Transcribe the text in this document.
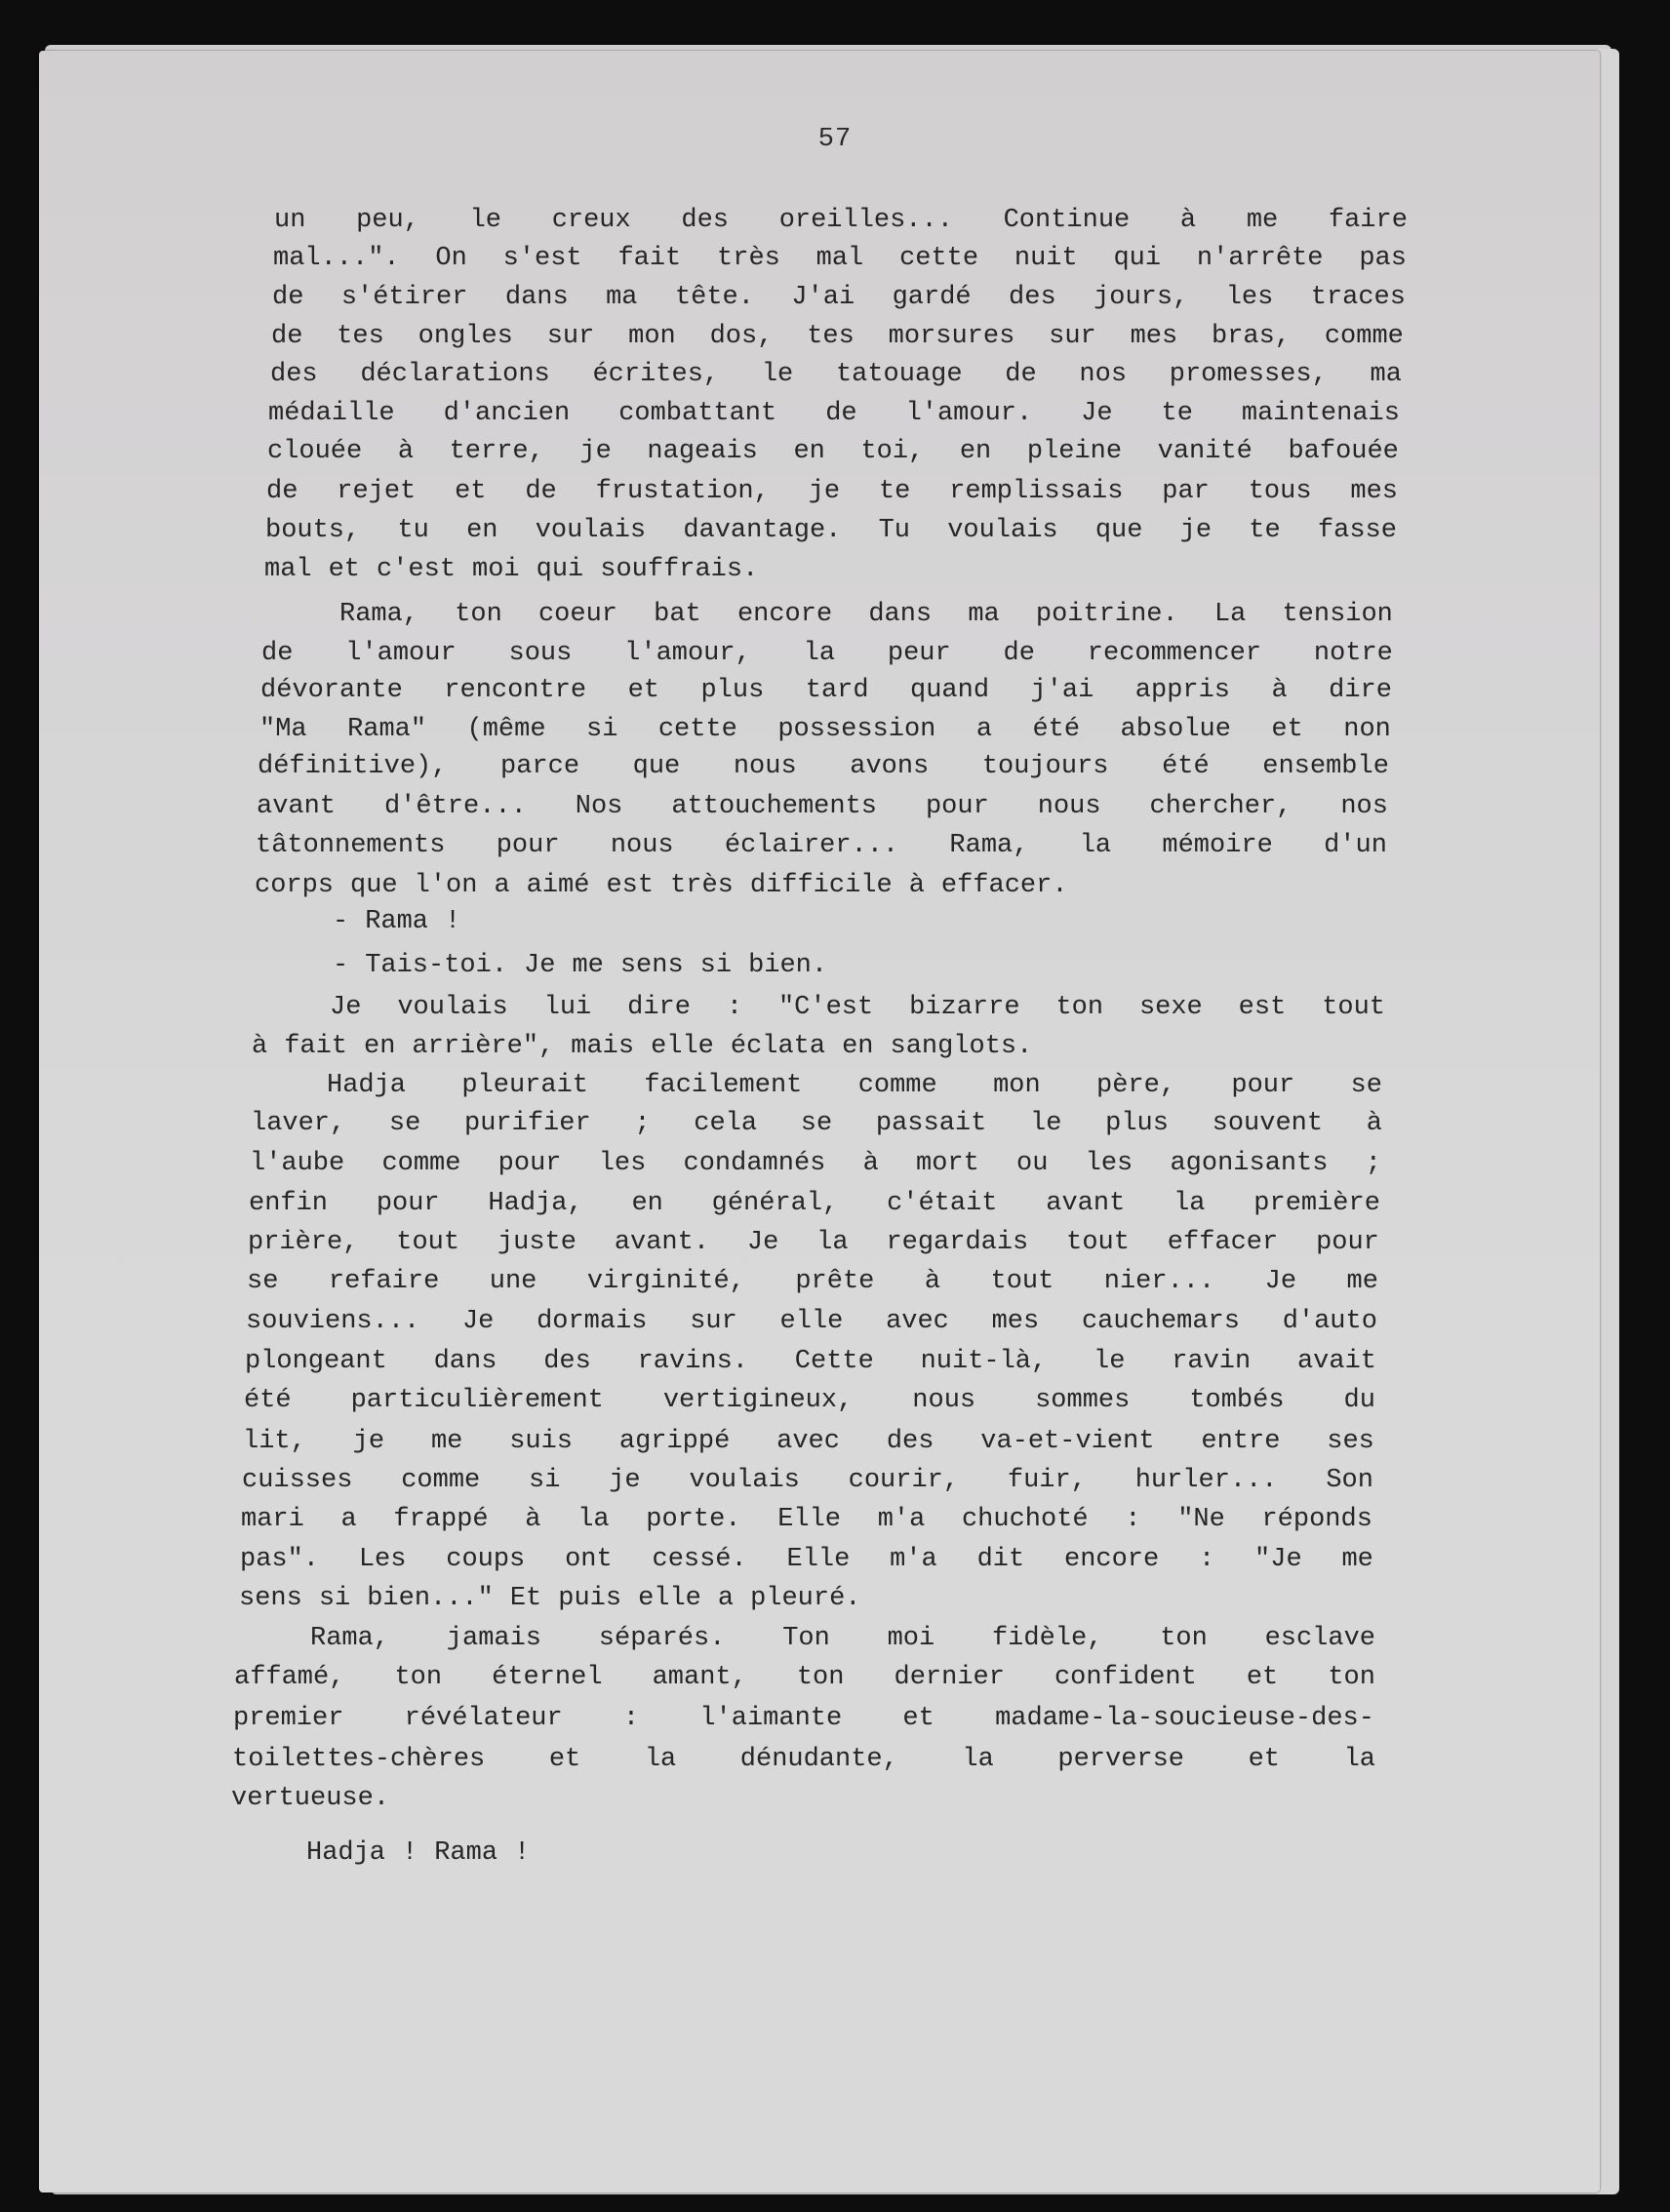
57
un peu, le creux des oreilles... Continue à me faire
mal...". On s'est fait très mal cette nuit qui n'arrête pas
de s'étirer dans ma tête. J'ai gardé des jours, les traces
de tes ongles sur mon dos, tes morsures sur mes bras, comme
des déclarations écrites, le tatouage de nos promesses, ma
médaille d'ancien combattant de l'amour. Je te maintenais
clouée à terre, je nageais en toi, en pleine vanité bafouée
de rejet et de frustation, je te remplissais par tous mes
bouts, tu en voulais davantage. Tu voulais que je te fasse
mal et c'est moi qui souffrais.
Rama, ton coeur bat encore dans ma poitrine. La tension
de l'amour sous l'amour, la peur de recommencer notre
dévorante rencontre et plus tard quand j'ai appris à dire
"Ma Rama" (même si cette possession a été absolue et non
définitive), parce que nous avons toujours été ensemble
avant d'être... Nos attouchements pour nous chercher, nos
tâtonnements pour nous éclairer... Rama, la mémoire d'un
corps que l'on a aimé est très difficile à effacer.
- Rama !
- Tais-toi. Je me sens si bien.
Je voulais lui dire : "C'est bizarre ton sexe est tout
à fait en arrière", mais elle éclata en sanglots.
Hadja pleurait facilement comme mon père, pour se
laver, se purifier ; cela se passait le plus souvent à
l'aube comme pour les condamnés à mort ou les agonisants ;
enfin pour Hadja, en général, c'était avant la première
prière, tout juste avant. Je la regardais tout effacer pour
se refaire une virginité, prête à tout nier... Je me
souviens... Je dormais sur elle avec mes cauchemars d'auto
plongeant dans des ravins. Cette nuit-là, le ravin avait
été particulièrement vertigineux, nous sommes tombés du
lit, je me suis agrippé avec des va-et-vient entre ses
cuisses comme si je voulais courir, fuir, hurler... Son
mari a frappé à la porte. Elle m'a chuchoté : "Ne réponds
pas". Les coups ont cessé. Elle m'a dit encore : "Je me
sens si bien..." Et puis elle a pleuré.
Rama, jamais séparés. Ton moi fidèle, ton esclave
affamé, ton éternel amant, ton dernier confident et ton
premier révélateur : l'aimante et madame-la-soucieuse-des-
toilettes-chères et la dénudante, la perverse et la
vertueuse.
Hadja ! Rama !
